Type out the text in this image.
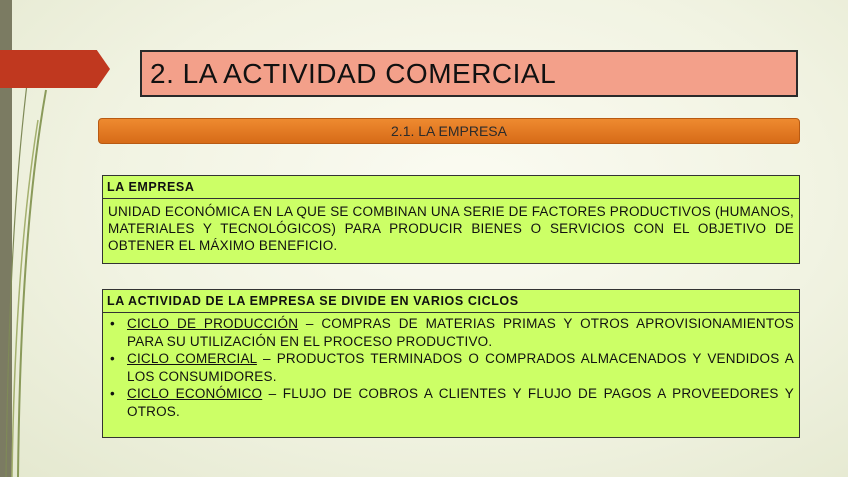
2. LA ACTIVIDAD COMERCIAL
2.1. LA EMPRESA
LA EMPRESA
UNIDAD ECONÓMICA EN LA QUE SE COMBINAN UNA SERIE DE FACTORES PRODUCTIVOS (HUMANOS, MATERIALES Y TECNOLÓGICOS) PARA PRODUCIR BIENES O SERVICIOS CON EL OBJETIVO DE OBTENER EL MÁXIMO BENEFICIO.
LA ACTIVIDAD DE LA EMPRESA SE DIVIDE EN VARIOS CICLOS
• CICLO DE PRODUCCIÓN – COMPRAS DE MATERIAS PRIMAS Y OTROS APROVISIONAMIENTOS PARA SU UTILIZACIÓN EN EL PROCESO PRODUCTIVO.
• CICLO COMERCIAL – PRODUCTOS TERMINADOS O COMPRADOS ALMACENADOS Y VENDIDOS A LOS CONSUMIDORES.
• CICLO ECONÓMICO – FLUJO DE COBROS A CLIENTES Y FLUJO DE PAGOS A PROVEEDORES Y OTROS.
